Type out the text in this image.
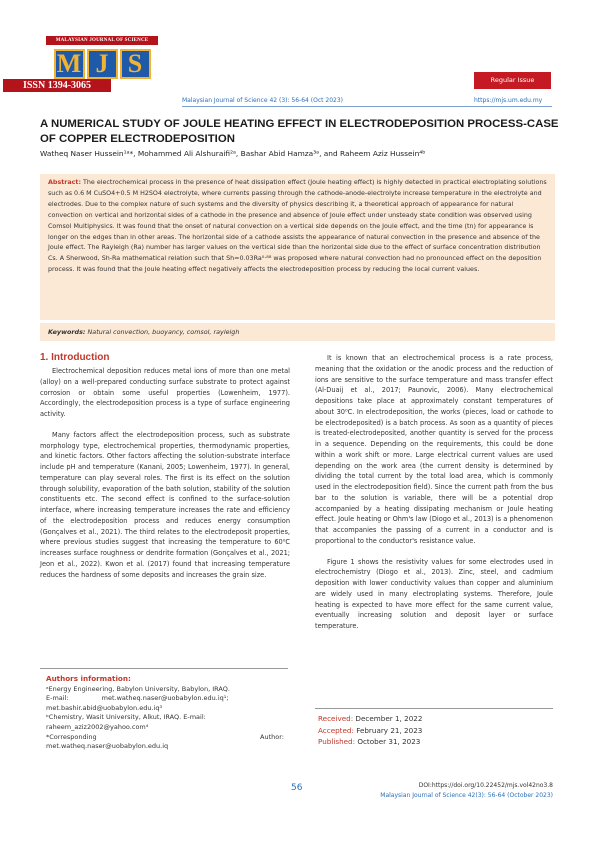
MALAYSIAN JOURNAL OF SCIENCE
M J S
ISSN 1394-3065	Regular Issue
Malaysian Journal of Science 42 (3): 56-64 (Oct 2023)	https://mjs.um.edu.my
A NUMERICAL STUDY OF JOULE HEATING EFFECT IN ELECTRODEPOSITION PROCESS-CASE OF COPPER ELECTRODEPOSITION
Watheq Naser Hussein¹ᵃ*, Mohammed Ali Alshuraifi²ᵃ, Bashar Abid Hamza³ᵃ, and Raheem Aziz Hussein⁴ᵇ
Abstract: The electrochemical process in the presence of heat dissipation effect (Joule heating effect) is highly detected in practical electroplating solutions such as 0.6 M CuSO4+0.5 M H2SO4 electrolyte, where currents passing through the cathode-anode-electrolyte increase temperature in the electrolyte and electrodes. Due to the complex nature of such systems and the diversity of physics describing it, a theoretical approach of appearance for natural convection on vertical and horizontal sides of a cathode in the presence and absence of Joule effect under unsteady state condition was observed using Comsol Multiphysics. It was found that the onset of natural convection on a vertical side depends on the Joule effect, and the time (tn) for appearance is longer on the edges than in other areas. The horizontal side of a cathode assists the appearance of natural convection in the presence and absence of the Joule effect. The Rayleigh (Ra) number has larger values on the vertical side than the horizontal side due to the effect of surface concentration distribution Cs. A Sherwood, Sh-Ra mathematical relation such that Sh=0.03Ra⁰·⁸⁸ was proposed where natural convection had no pronounced effect on the deposition process. It was found that the Joule heating effect negatively affects the electrodeposition process by reducing the local current values.
Keywords: Natural convection, buoyancy, comsol, rayleigh
1. Introduction

Electrochemical deposition reduces metal ions of more than one metal (alloy) on a well-prepared conducting surface substrate to protect against corrosion or obtain some useful properties (Lowenheim, 1977). Accordingly, the electrodeposition process is a type of surface engineering activity.

Many factors affect the electrodeposition process, such as substrate morphology type, electrochemical properties, thermodynamic properties, and kinetic factors. Other factors affecting the solution-substrate interface include pH and temperature (Kanani, 2005; Lowenheim, 1977). In general, temperature can play several roles. The first is its effect on the solution through solubility, evaporation of the bath solution, stability of the solution constituents etc. The second effect is confined to the surface-solution interface, where increasing temperature increases the rate and efficiency of the electrodeposition process and reduces energy consumption (Gonçalves et al., 2021). The third relates to the electrodeposit properties, where previous studies suggest that increasing the temperature to 60⁰C increases surface roughness or dendrite formation (Gonçalves et al., 2021; Jeon et al., 2022). Kwon et al. (2017) found that increasing temperature reduces the hardness of some deposits and increases the grain size.

It is known that an electrochemical process is a rate process, meaning that the oxidation or the anodic process and the reduction of ions are sensitive to the surface temperature and mass transfer effect (Al-Duaij et al., 2017; Paunovic, 2006). Many electrochemical depositions take place at approximately constant temperatures of about 30⁰C. In electrodeposition, the works (pieces, load or cathode to be electrodeposited) is a batch process. As soon as a quantity of pieces is treated-electrodeposited, another quantity is served for the process in a sequence. Depending on the requirements, this could be done within a work shift or more. Large electrical current values are used depending on the work area (the current density is determined by dividing the total current by the total load area, which is commonly used in the electrodeposition field). Since the current path from the bus bar to the solution is variable, there will be a potential drop accompanied by a heating dissipating mechanism or Joule heating effect. Joule heating or Ohm's law (Diogo et al., 2013) is a phenomenon that accompanies the passing of a current in a conductor and is proportional to the conductor's resistance value.

Figure 1 shows the resistivity values for some electrodes used in electrochemistry (Diogo et al., 2013). Zinc, steel, and cadmium deposition with lower conductivity values than copper and aluminium are widely used in many electroplating systems. Therefore, Joule heating is expected to have more effect for the same current value, eventually increasing solution and deposit layer or surface temperature.

Authors information:
ᵃEnergy Engineering, Babylon University, Babylon, IRAQ.
E-mail:                met.watheq.naser@uobabylon.edu.iq¹;
met.bashir.abid@uobabylon.edu.iq³
ᵇChemistry, Wasit University, Alkut, IRAQ. E-mail:
raheem_aziz2002@yahoo.com⁴
*Corresponding	Author:
met.watheq.naser@uobabylon.edu.iq
Received: December 1, 2022
Accepted: February 21, 2023
Published: October 31, 2023
56	DOI:https://doi.org/10.22452/mjs.vol42no3.8
Malaysian Journal of Science 42(3): 56-64 (October 2023)
